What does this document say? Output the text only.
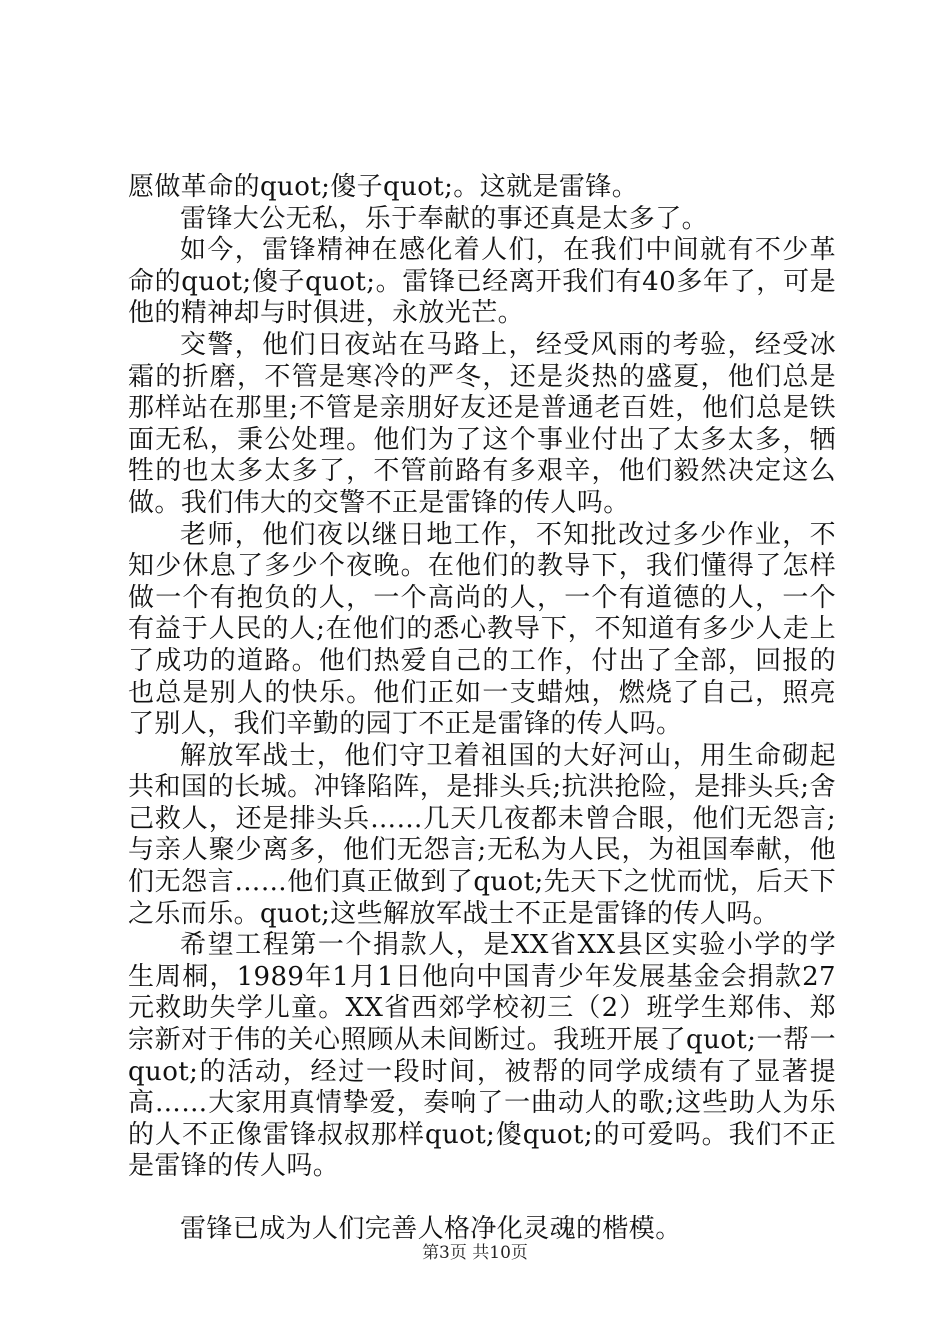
愿做革命的quot;傻子quot;。这就是雷锋。

雷锋大公无私，乐于奉献的事还真是太多了。

如今，雷锋精神在感化着人们，在我们中间就有不少革命的quot;傻子quot;。雷锋已经离开我们有40多年了，可是他的精神却与时俱进，永放光芒。

交警，他们日夜站在马路上，经受风雨的考验，经受冰霜的折磨，不管是寒冷的严冬，还是炎热的盛夏，他们总是那样站在那里;不管是亲朋好友还是普通老百姓，他们总是铁面无私，秉公处理。他们为了这个事业付出了太多太多，牺牲的也太多太多了，不管前路有多艰辛，他们毅然决定这么做。我们伟大的交警不正是雷锋的传人吗。

老师，他们夜以继日地工作，不知批改过多少作业，不知少休息了多少个夜晚。在他们的教导下，我们懂得了怎样做一个有抱负的人，一个高尚的人，一个有道德的人，一个有益于人民的人;在他们的悉心教导下，不知道有多少人走上了成功的道路。他们热爱自己的工作，付出了全部，回报的也总是别人的快乐。他们正如一支蜡烛，燃烧了自己，照亮了别人，我们辛勤的园丁不正是雷锋的传人吗。

解放军战士，他们守卫着祖国的大好河山，用生命砌起共和国的长城。冲锋陷阵，是排头兵;抗洪抢险，是排头兵;舍己救人，还是排头兵……几天几夜都未曾合眼，他们无怨言;与亲人聚少离多，他们无怨言;无私为人民，为祖国奉献，他们无怨言……他们真正做到了quot;先天下之忧而忧，后天下之乐而乐。quot;这些解放军战士不正是雷锋的传人吗。

希望工程第一个捐款人，是XX省XX县区实验小学的学生周桐，1989年1月1日他向中国青少年发展基金会捐款27元救助失学儿童。XX省西郊学校初三（2）班学生郑伟、郑宗新对于伟的关心照顾从未间断过。我班开展了quot;一帮一quot;的活动，经过一段时间，被帮的同学成绩有了显著提高……大家用真情挚爱，奏响了一曲动人的歌;这些助人为乐的人不正像雷锋叔叔那样quot;傻quot;的可爱吗。我们不正是雷锋的传人吗。

雷锋已成为人们完善人格净化灵魂的楷模。

第3页 共10页
